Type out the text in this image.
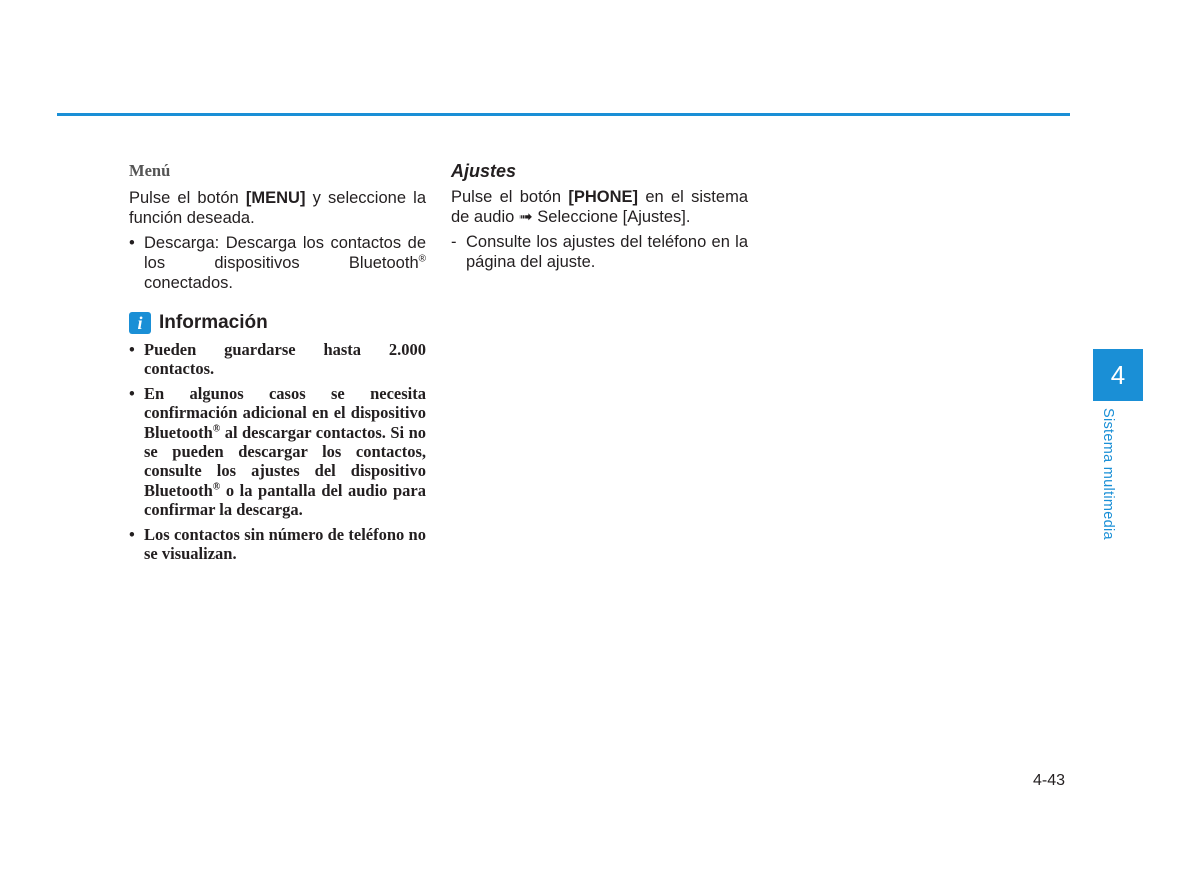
Menú

Pulse el botón [MENU] y seleccione la función deseada.

• Descarga: Descarga los contactos de los dispositivos Bluetooth® conectados.
i Información
• Pueden guardarse hasta 2.000 contactos.
• En algunos casos se necesita confirmación adicional en el dispositivo Bluetooth® al descargar contactos. Si no se pueden descargar los contactos, consulte los ajustes del dispositivo Bluetooth® o la pantalla del audio para confirmar la descarga.
• Los contactos sin número de teléfono no se visualizan.

Ajustes

Pulse el botón [PHONE] en el sistema de audio ➟ Seleccione [Ajustes].

- Consulte los ajustes del teléfono en la página del ajuste.
4
Sistema multimedia
4-43
